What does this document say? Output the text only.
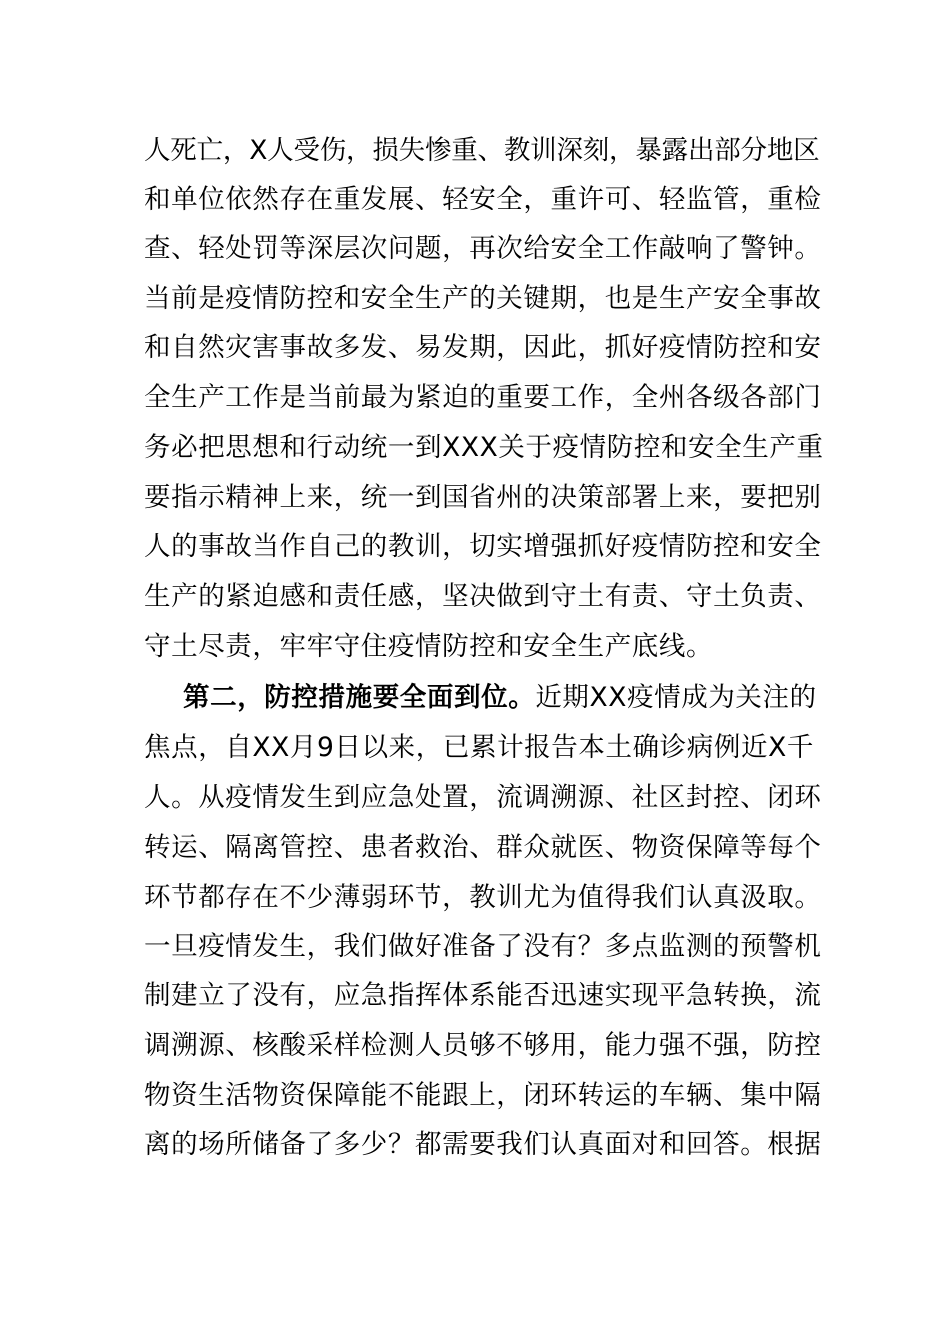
人死亡，X人受伤，损失惨重、教训深刻，暴露出部分地区
和单位依然存在重发展、轻安全，重许可、轻监管，重检
查、轻处罚等深层次问题，再次给安全工作敲响了警钟。
当前是疫情防控和安全生产的关键期，也是生产安全事故
和自然灾害事故多发、易发期，因此，抓好疫情防控和安
全生产工作是当前最为紧迫的重要工作，全州各级各部门
务必把思想和行动统一到XXX关于疫情防控和安全生产重
要指示精神上来，统一到国省州的决策部署上来，要把别
人的事故当作自己的教训，切实增强抓好疫情防控和安全
生产的紧迫感和责任感，坚决做到守土有责、守土负责、
守土尽责，牢牢守住疫情防控和安全生产底线。
第二，防控措施要全面到位。近期XX疫情成为关注的
焦点，自XX月9日以来，已累计报告本土确诊病例近X千
人。从疫情发生到应急处置，流调溯源、社区封控、闭环
转运、隔离管控、患者救治、群众就医、物资保障等每个
环节都存在不少薄弱环节，教训尤为值得我们认真汲取。
一旦疫情发生，我们做好准备了没有？多点监测的预警机
制建立了没有，应急指挥体系能否迅速实现平急转换，流
调溯源、核酸采样检测人员够不够用，能力强不强，防控
物资生活物资保障能不能跟上，闭环转运的车辆、集中隔
离的场所储备了多少？都需要我们认真面对和回答。根据
